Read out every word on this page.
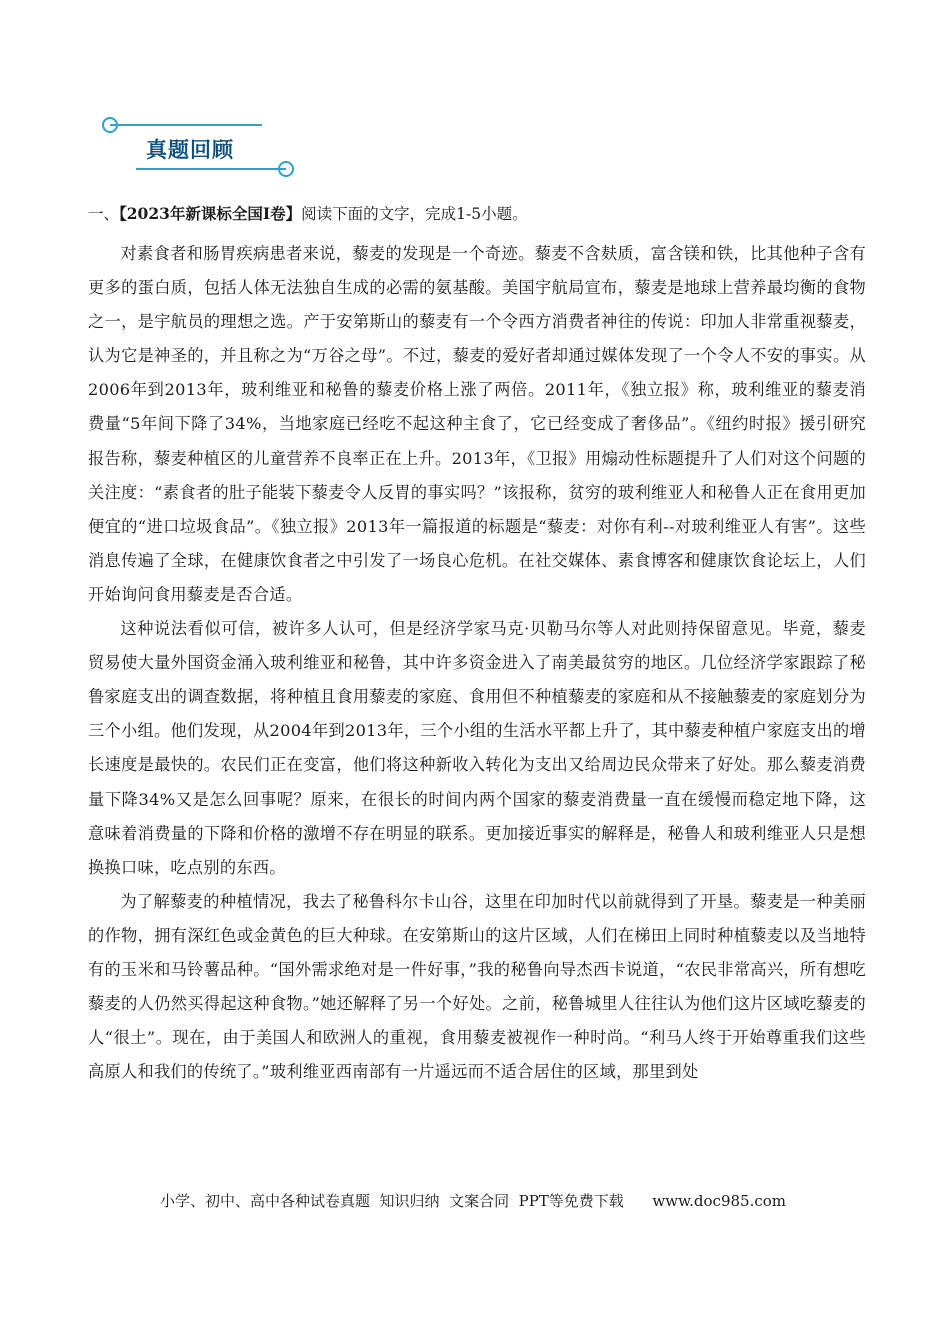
真题回顾
一、【2023年新课标全国Ⅰ卷】阅读下面的文字，完成1-5小题。

对素食者和肠胃疾病患者来说，藜麦的发现是一个奇迹。藜麦不含麸质，富含镁和铁，比其他种子含有更多的蛋白质，包括人体无法独自生成的必需的氨基酸。美国宇航局宣布，藜麦是地球上营养最均衡的食物之一，是宇航员的理想之选。产于安第斯山的藜麦有一个令西方消费者神往的传说：印加人非常重视藜麦，认为它是神圣的，并且称之为“万谷之母”。不过，藜麦的爱好者却通过媒体发现了一个令人不安的事实。从2006年到2013年，玻利维亚和秘鲁的藜麦价格上涨了两倍。2011年，《独立报》称，玻利维亚的藜麦消费量“5年间下降了34%，当地家庭已经吃不起这种主食了，它已经变成了奢侈品”。《纽约时报》援引研究报告称，藜麦种植区的儿童营养不良率正在上升。2013年，《卫报》用煽动性标题提升了人们对这个问题的关注度：“素食者的肚子能装下藜麦令人反胃的事实吗？”该报称，贫穷的玻利维亚人和秘鲁人正在食用更加便宜的“进口垃圾食品”。《独立报》2013年一篇报道的标题是“藜麦：对你有利--对玻利维亚人有害”。这些消息传遍了全球，在健康饮食者之中引发了一场良心危机。在社交媒体、素食博客和健康饮食论坛上，人们开始询问食用藜麦是否合适。

这种说法看似可信，被许多人认可，但是经济学家马克·贝勒马尔等人对此则持保留意见。毕竟，藜麦贸易使大量外国资金涌入玻利维亚和秘鲁，其中许多资金进入了南美最贫穷的地区。几位经济学家跟踪了秘鲁家庭支出的调查数据，将种植且食用藜麦的家庭、食用但不种植藜麦的家庭和从不接触藜麦的家庭划分为三个小组。他们发现，从2004年到2013年，三个小组的生活水平都上升了，其中藜麦种植户家庭支出的增长速度是最快的。农民们正在变富，他们将这种新收入转化为支出又给周边民众带来了好处。那么藜麦消费量下降34%又是怎么回事呢？原来，在很长的时间内两个国家的藜麦消费量一直在缓慢而稳定地下降，这意味着消费量的下降和价格的激增不存在明显的联系。更加接近事实的解释是，秘鲁人和玻利维亚人只是想换换口味，吃点别的东西。

为了解藜麦的种植情况，我去了秘鲁科尔卡山谷，这里在印加时代以前就得到了开垦。藜麦是一种美丽的作物，拥有深红色或金黄色的巨大种球。在安第斯山的这片区域，人们在梯田上同时种植藜麦以及当地特有的玉米和马铃薯品种。“国外需求绝对是一件好事，”我的秘鲁向导杰西卡说道，“农民非常高兴，所有想吃藜麦的人仍然买得起这种食物。”她还解释了另一个好处。之前，秘鲁城里人往往认为他们这片区域吃藜麦的人“很土”。现在，由于美国人和欧洲人的重视，食用藜麦被视作一种时尚。“利马人终于开始尊重我们这些高原人和我们的传统了。”玻利维亚西南部有一片遥远而不适合居住的区域，那里到处

小学、初中、高中各种试卷真题  知识归纳  文案合同  PPT等免费下载 www.doc985.com
